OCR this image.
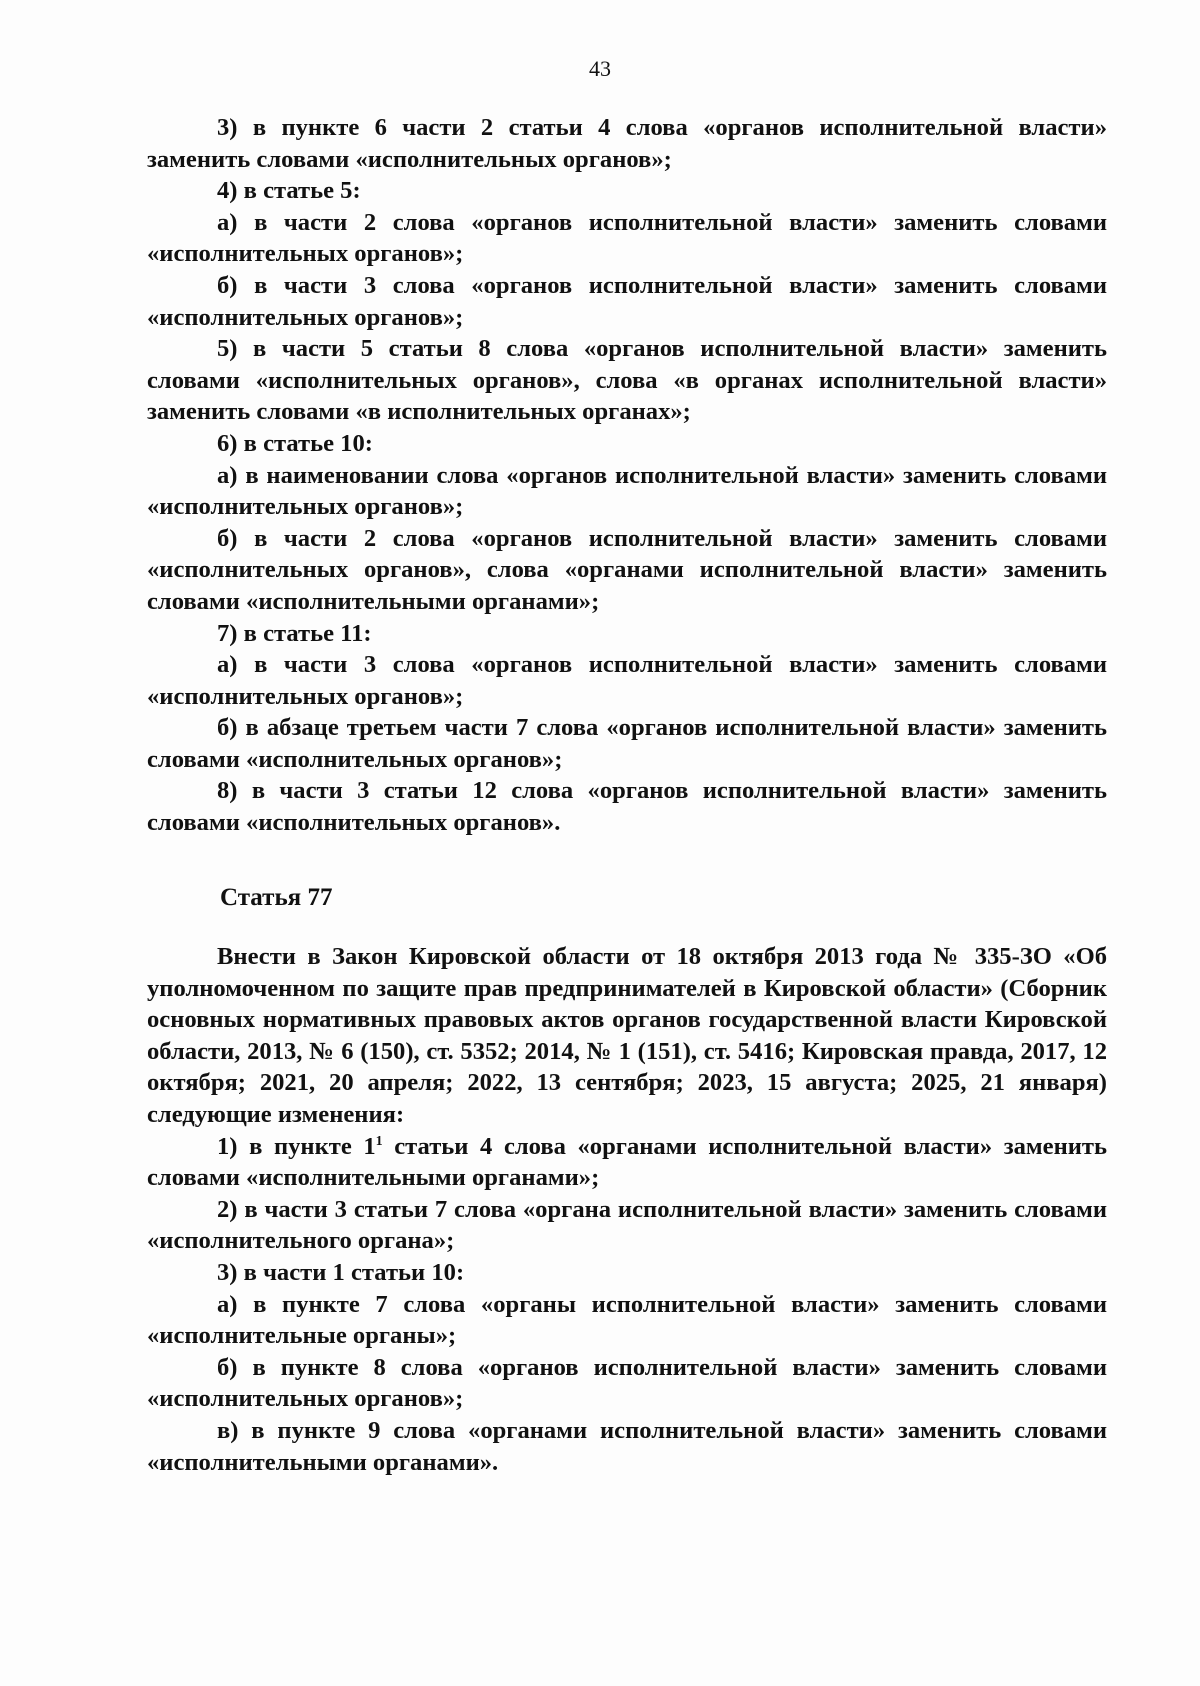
43

3) в пункте 6 части 2 статьи 4 слова «органов исполнительной власти» заменить словами «исполнительных органов»;

4) в статье 5:

а) в части 2 слова «органов исполнительной власти» заменить словами «исполнительных органов»;

б) в части 3 слова «органов исполнительной власти» заменить словами «исполнительных органов»;

5) в части 5 статьи 8 слова «органов исполнительной власти» заменить словами «исполнительных органов», слова «в органах исполнительной власти» заменить словами «в исполнительных органах»;

6) в статье 10:

а) в наименовании слова «органов исполнительной власти» заменить словами «исполнительных органов»;

б) в части 2 слова «органов исполнительной власти» заменить словами «исполнительных органов», слова «органами исполнительной власти» заменить словами «исполнительными органами»;

7) в статье 11:

а) в части 3 слова «органов исполнительной власти» заменить словами «исполнительных органов»;

б) в абзаце третьем части 7 слова «органов исполнительной власти» заменить словами «исполнительных органов»;

8) в части 3 статьи 12 слова «органов исполнительной власти» заменить словами «исполнительных органов».

Статья 77

Внести в Закон Кировской области от 18 октября 2013 года № 335-ЗО «Об уполномоченном по защите прав предпринимателей в Кировской области» (Сборник основных нормативных правовых актов органов государственной власти Кировской области, 2013, № 6 (150), ст. 5352; 2014, № 1 (151), ст. 5416; Кировская правда, 2017, 12 октября; 2021, 20 апреля; 2022, 13 сентября; 2023, 15 августа; 2025, 21 января) следующие изменения:

1) в пункте $1^1$ статьи 4 слова «органами исполнительной власти» заменить словами «исполнительными органами»;

2) в части 3 статьи 7 слова «органа исполнительной власти» заменить словами «исполнительного органа»;

3) в части 1 статьи 10:

а) в пункте 7 слова «органы исполнительной власти» заменить словами «исполнительные органы»;

б) в пункте 8 слова «органов исполнительной власти» заменить словами «исполнительных органов»;

в) в пункте 9 слова «органами исполнительной власти» заменить словами «исполнительными органами».
